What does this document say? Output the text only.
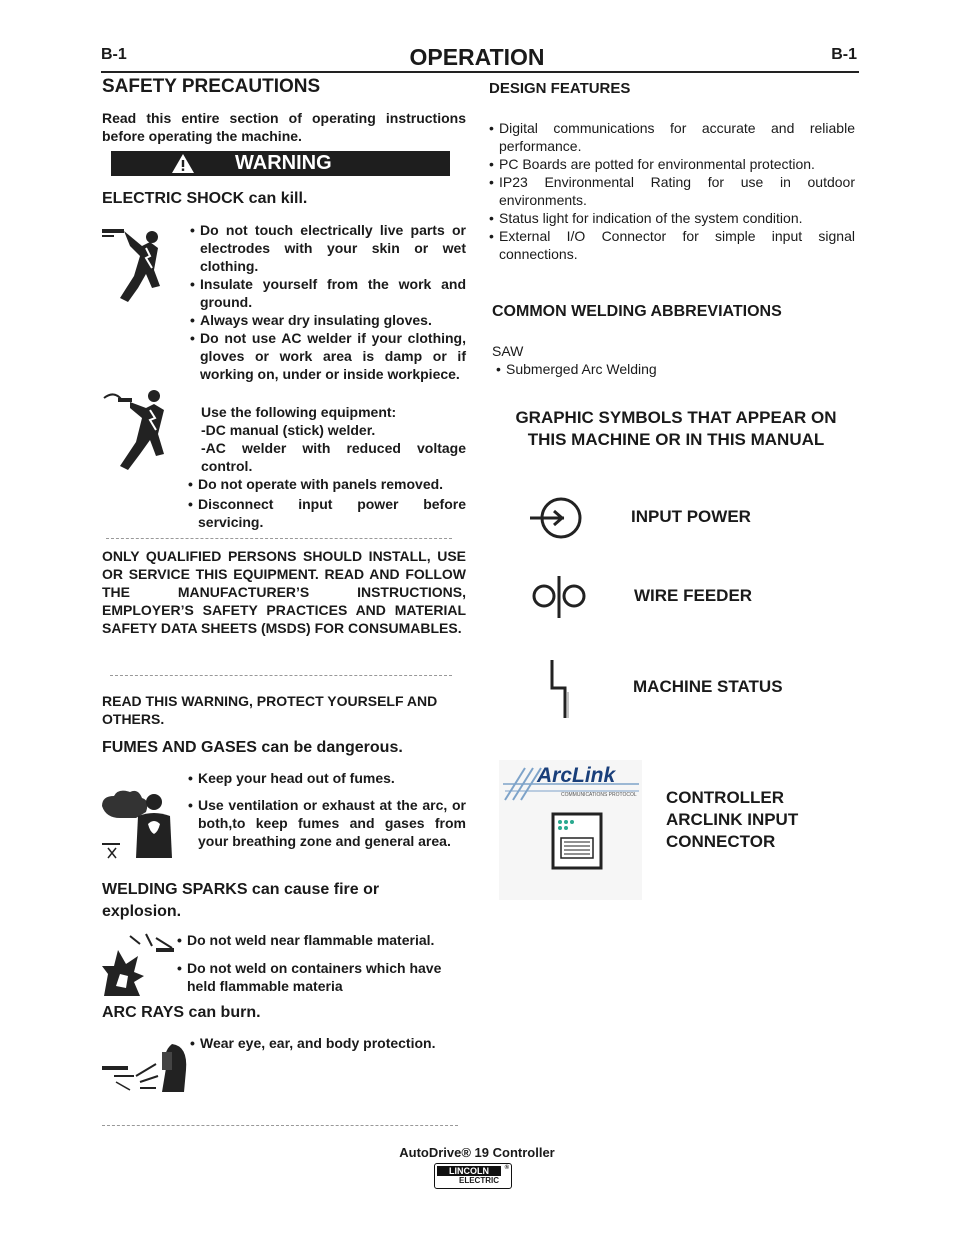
B-1	B-1
OPERATION
SAFETY PRECAUTIONS
Read this entire section of operating instructions before operating the machine.
WARNING
ELECTRIC SHOCK can kill.
• Do not touch electrically live parts or electrodes with your skin or wet clothing.
• Insulate yourself from the work and ground.
• Always wear dry insulating gloves.
• Do not use AC welder if your clothing, gloves or work area is damp or if working on, under or inside workpiece.
Use the following equipment:
-DC manual (stick) welder.
-AC welder with reduced voltage control.
• Do not operate with panels removed.
• Disconnect input power before servicing.
ONLY QUALIFIED PERSONS SHOULD INSTALL, USE OR SERVICE THIS EQUIPMENT. READ AND FOLLOW THE MANUFACTURER’S INSTRUCTIONS, EMPLOYER’S SAFETY PRACTICES AND MATERIAL SAFETY DATA SHEETS (MSDS) FOR CONSUMABLES.
READ THIS WARNING, PROTECT YOURSELF AND OTHERS.
FUMES AND GASES can be dangerous.
• Keep your head out of fumes.
• Use ventilation or exhaust at the arc, or both,to keep fumes and gases from your breathing zone and general area.
WELDING SPARKS can cause fire or explosion.
• Do not weld near flammable material.
• Do not weld on containers which have held flammable materia
ARC RAYS can burn.
• Wear eye, ear, and body protection.
DESIGN FEATURES
• Digital communications for accurate and reliable performance.
• PC Boards are potted for environmental protection.
• IP23 Environmental Rating for use in outdoor environments.
• Status light for indication of the system condition.
• External I/O Connector for simple input signal connections.
COMMON WELDING ABBREVIATIONS
SAW
• Submerged Arc Welding
GRAPHIC SYMBOLS THAT APPEAR ON
THIS MACHINE OR IN THIS MANUAL
INPUT POWER
WIRE FEEDER
MACHINE STATUS
ArcLink
COMMUNICATIONS PROTOCOL CONTROLLER
ARCLINK INPUT
CONNECTOR
AutoDrive® 19 Controller
LINCOLN	®
ELECTRIC
